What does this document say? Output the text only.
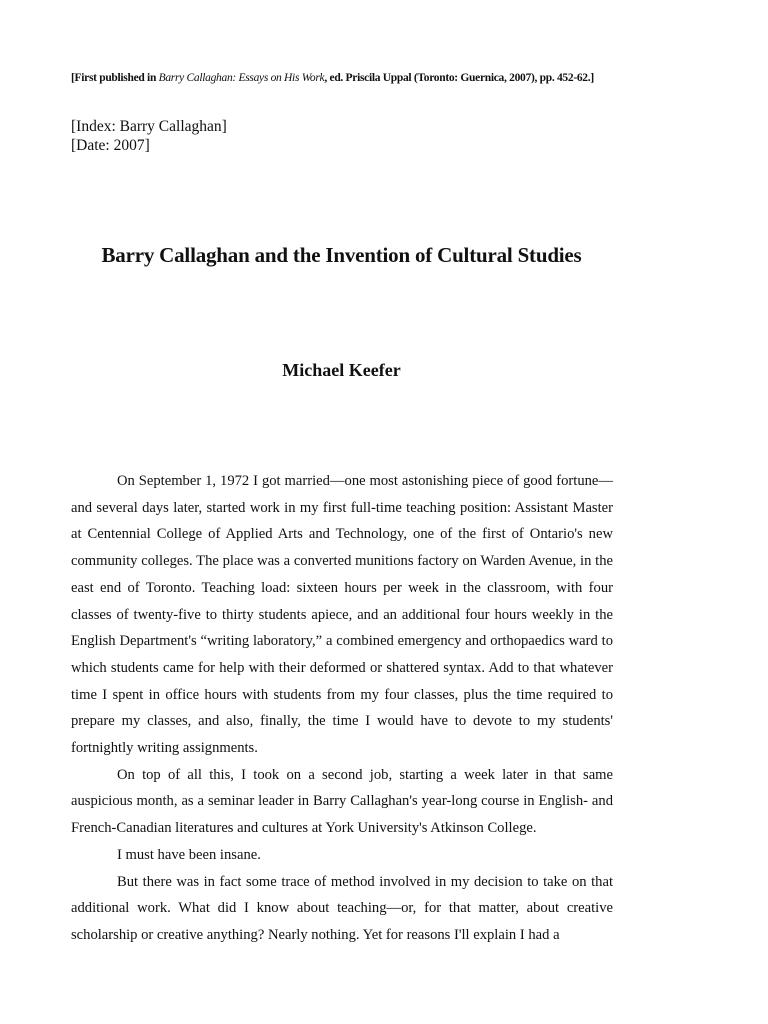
[First published in Barry Callaghan: Essays on His Work, ed. Priscila Uppal (Toronto: Guernica, 2007), pp. 452-62.]
[Index: Barry Callaghan]
[Date: 2007]
Barry Callaghan and the Invention of Cultural Studies
Michael Keefer

On September 1, 1972 I got married—one most astonishing piece of good fortune—and several days later, started work in my first full-time teaching position: Assistant Master at Centennial College of Applied Arts and Technology, one of the first of Ontario's new community colleges. The place was a converted munitions factory on Warden Avenue, in the east end of Toronto. Teaching load: sixteen hours per week in the classroom, with four classes of twenty-five to thirty students apiece, and an additional four hours weekly in the English Department's “writing laboratory,” a combined emergency and orthopaedics ward to which students came for help with their deformed or shattered syntax. Add to that whatever time I spent in office hours with students from my four classes, plus the time required to prepare my classes, and also, finally, the time I would have to devote to my students' fortnightly writing assignments.

On top of all this, I took on a second job, starting a week later in that same auspicious month, as a seminar leader in Barry Callaghan's year-long course in English- and French-Canadian literatures and cultures at York University's Atkinson College.

I must have been insane.

But there was in fact some trace of method involved in my decision to take on that additional work. What did I know about teaching—or, for that matter, about creative scholarship or creative anything? Nearly nothing. Yet for reasons I'll explain I had a
